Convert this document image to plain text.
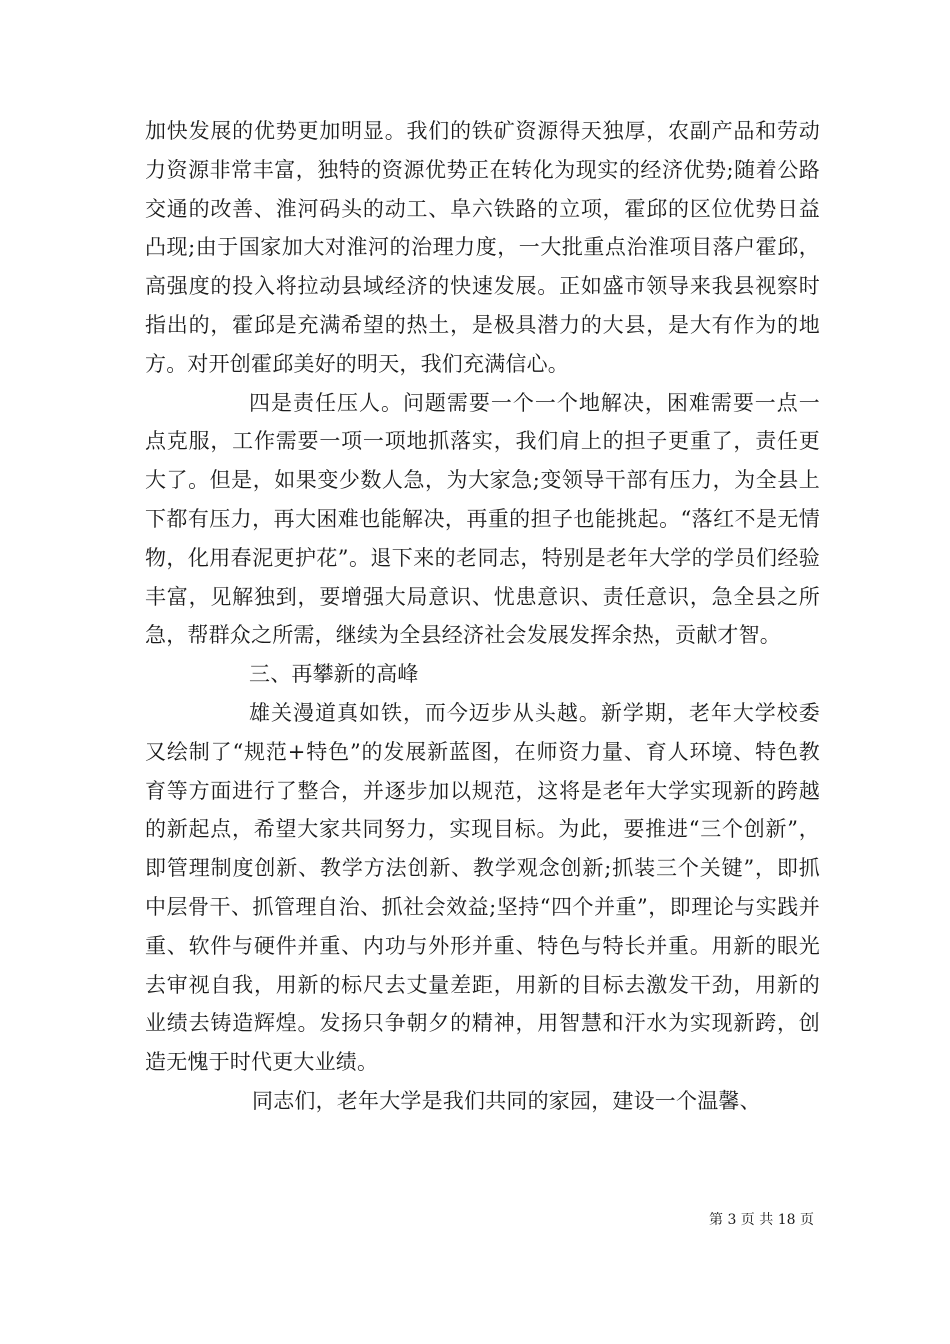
加快发展的优势更加明显。我们的铁矿资源得天独厚，农副产品和劳动力资源非常丰富，独特的资源优势正在转化为现实的经济优势;随着公路交通的改善、淮河码头的动工、阜六铁路的立项，霍邱的区位优势日益凸现;由于国家加大对淮河的治理力度，一大批重点治淮项目落户霍邱，高强度的投入将拉动县域经济的快速发展。正如盛市领导来我县视察时指出的，霍邱是充满希望的热土，是极具潜力的大县，是大有作为的地方。对开创霍邱美好的明天，我们充满信心。

四是责任压人。问题需要一个一个地解决，困难需要一点一点克服，工作需要一项一项地抓落实，我们肩上的担子更重了，责任更大了。但是，如果变少数人急，为大家急;变领导干部有压力，为全县上下都有压力，再大困难也能解决，再重的担子也能挑起。“落红不是无情物，化用春泥更护花”。退下来的老同志，特别是老年大学的学员们经验丰富，见解独到，要增强大局意识、忧患意识、责任意识，急全县之所急，帮群众之所需，继续为全县经济社会发展发挥余热，贡献才智。

三、再攀新的高峰

雄关漫道真如铁，而今迈步从头越。新学期，老年大学校委又绘制了“规范+特色”的发展新蓝图，在师资力量、育人环境、特色教育等方面进行了整合，并逐步加以规范，这将是老年大学实现新的跨越的新起点，希望大家共同努力，实现目标。为此，要推进“三个创新”，即管理制度创新、教学方法创新、教学观念创新;抓装三个关键”，即抓中层骨干、抓管理自治、抓社会效益;坚持“四个并重”，即理论与实践并重、软件与硬件并重、内功与外形并重、特色与特长并重。用新的眼光去审视自我，用新的标尺去丈量差距，用新的目标去激发干劲，用新的业绩去铸造辉煌。发扬只争朝夕的精神，用智慧和汗水为实现新跨，创造无愧于时代更大业绩。

同志们，老年大学是我们共同的家园，建设一个温馨、

第 3 页 共 18 页
